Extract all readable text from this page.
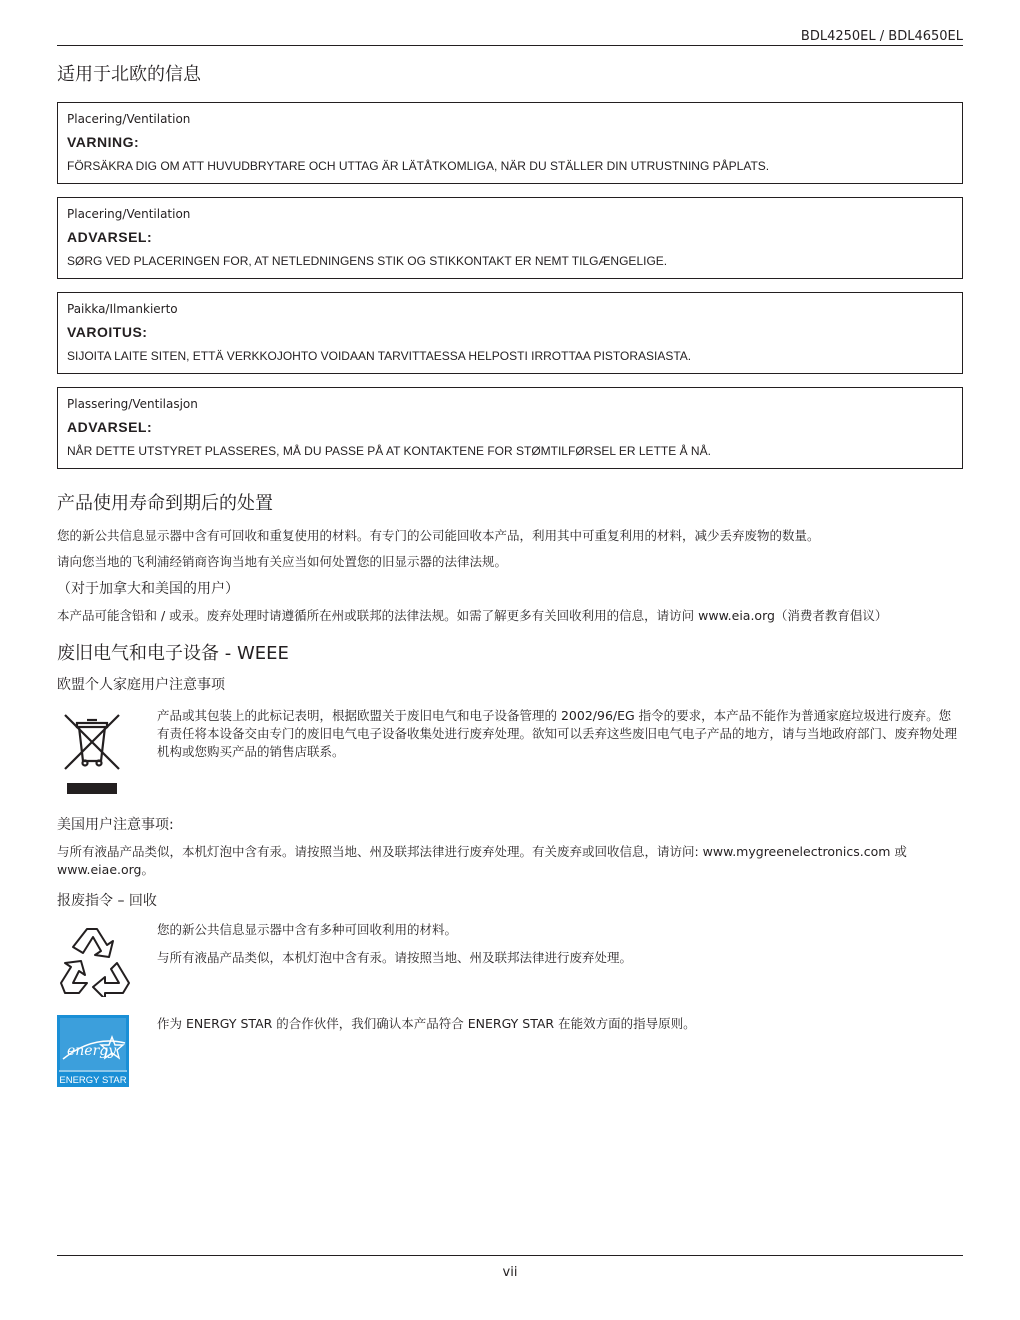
BDL4250EL / BDL4650EL
适用于北欧的信息
Placering/Ventilation
VARNING:
FÖRSÄKRA DIG OM ATT HUVUDBRYTARE OCH UTTAG ÄR LÄTÅTKOMLIGA, NÄR DU STÄLLER DIN UTRUSTNING PÅPLATS.
Placering/Ventilation
ADVARSEL:
SØRG VED PLACERINGEN FOR, AT NETLEDNINGENS STIK OG STIKKONTAKT ER NEMT TILGÆNGELIGE.
Paikka/Ilmankierto
VAROITUS:
SIJOITA LAITE SITEN, ETTÄ VERKKOJOHTO VOIDAAN TARVITTAESSA HELPOSTI IRROTTAA PISTORASIASTA.
Plassering/Ventilasjon
ADVARSEL:
NÅR DETTE UTSTYRET PLASSERES, MÅ DU PASSE PÅ AT KONTAKTENE FOR STØMTILFØRSEL ER LETTE Å NÅ.
产品使用寿命到期后的处置

您的新公共信息显示器中含有可回收和重复使用的材料。有专门的公司能回收本产品，利用其中可重复利用的材料，减少丢弃废物的数量。

请向您当地的飞利浦经销商咨询当地有关应当如何处置您的旧显示器的法律法规。

（对于加拿大和美国的用户）

本产品可能含铅和 / 或汞。废弃处理时请遵循所在州或联邦的法律法规。如需了解更多有关回收利用的信息，请访问 www.eia.org（消费者教育倡议）

废旧电气和电子设备 - WEEE
欧盟个人家庭用户注意事项

产品或其包装上的此标记表明，根据欧盟关于废旧电气和电子设备管理的 2002/96/EG 指令的要求，本产品不能作为普通家庭垃圾进行废弃。您有责任将本设备交由专门的废旧电气电子设备收集处进行废弃处理。欲知可以丢弃这些废旧电气电子产品的地方，请与当地政府部门、废弃物处理机构或您购买产品的销售店联系。

美国用户注意事项:

与所有液晶产品类似，本机灯泡中含有汞。请按照当地、州及联邦法律进行废弃处理。有关废弃或回收信息，请访问: www.mygreenelectronics.com 或 www.eiae.org。

报废指令 – 回收

您的新公共信息显示器中含有多种可回收利用的材料。

与所有液晶产品类似，本机灯泡中含有汞。请按照当地、州及联邦法律进行废弃处理。

energy
ENERGY STAR

作为 ENERGY STAR 的合作伙伴，我们确认本产品符合 ENERGY STAR 在能效方面的指导原则。

vii
